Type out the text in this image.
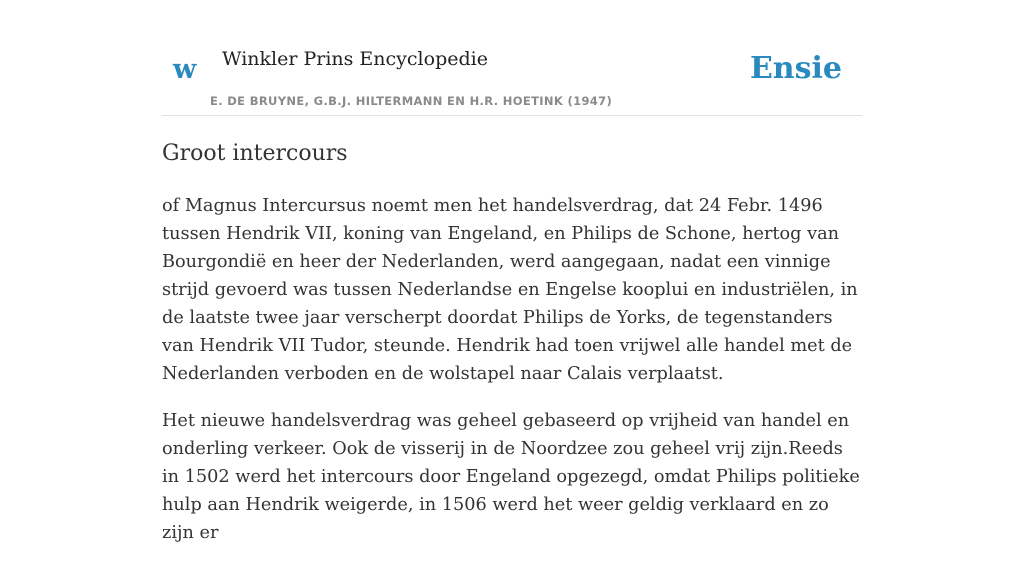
w Winkler Prins Encyclopedie
E. DE BRUYNE, G.B.J. HILTERMANN EN H.R. HOETINK (1947)
Ensie
Groot intercours

of Magnus Intercursus noemt men het handelsverdrag, dat 24 Febr. 1496 tussen Hendrik VII, koning van Engeland, en Philips de Schone, hertog van Bourgondië en heer der Nederlanden, werd aangegaan, nadat een vinnige strijd gevoerd was tussen Nederlandse en Engelse kooplui en industriëlen, in de laatste twee jaar verscherpt doordat Philips de Yorks, de tegenstanders van Hendrik VII Tudor, steunde. Hendrik had toen vrijwel alle handel met de Nederlanden verboden en de wolstapel naar Calais verplaatst.

Het nieuwe handelsverdrag was geheel gebaseerd op vrijheid van handel en onderling verkeer. Ook de visserij in de Noordzee zou geheel vrij zijn.Reeds in 1502 werd het intercours door Engeland opgezegd, omdat Philips politieke hulp aan Hendrik weigerde, in 1506 werd het weer geldig verklaard en zo zijn er
